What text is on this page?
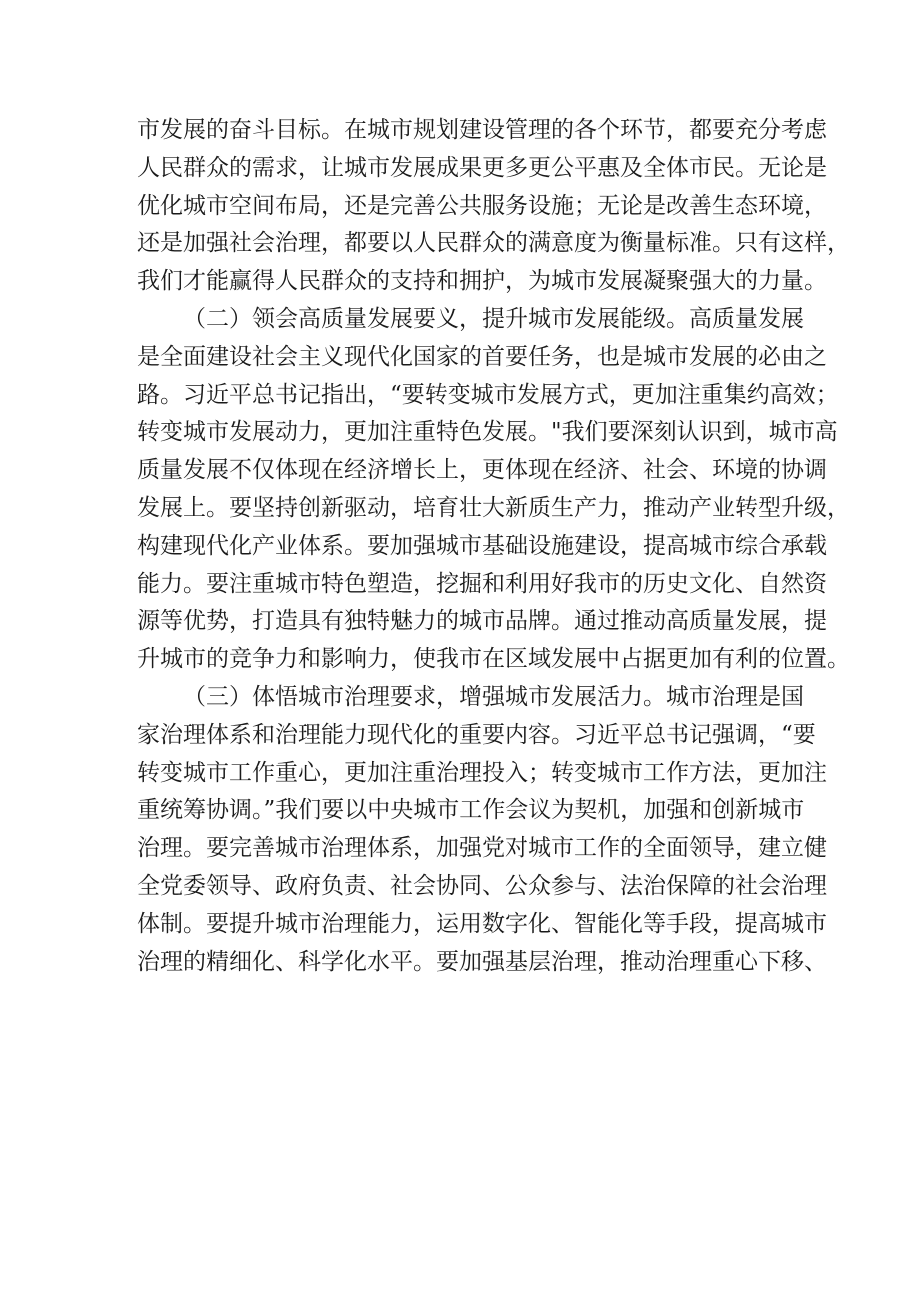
市发展的奋斗目标。在城市规划建设管理的各个环节，都要充分考虑
人民群众的需求，让城市发展成果更多更公平惠及全体市民。无论是
优化城市空间布局，还是完善公共服务设施；无论是改善生态环境，
还是加强社会治理，都要以人民群众的满意度为衡量标准。只有这样，
我们才能赢得人民群众的支持和拥护，为城市发展凝聚强大的力量。
（二）领会高质量发展要义，提升城市发展能级。高质量发展
是全面建设社会主义现代化国家的首要任务，也是城市发展的必由之
路。习近平总书记指出，“要转变城市发展方式，更加注重集约高效；
转变城市发展动力，更加注重特色发展。"我们要深刻认识到，城市高
质量发展不仅体现在经济增长上，更体现在经济、社会、环境的协调
发展上。要坚持创新驱动，培育壮大新质生产力，推动产业转型升级，
构建现代化产业体系。要加强城市基础设施建设，提高城市综合承载
能力。要注重城市特色塑造，挖掘和利用好我市的历史文化、自然资
源等优势，打造具有独特魅力的城市品牌。通过推动高质量发展，提
升城市的竞争力和影响力，使我市在区域发展中占据更加有利的位置。
（三）体悟城市治理要求，增强城市发展活力。城市治理是国
家治理体系和治理能力现代化的重要内容。习近平总书记强调，“要
转变城市工作重心，更加注重治理投入；转变城市工作方法，更加注
重统筹协调。”我们要以中央城市工作会议为契机，加强和创新城市
治理。要完善城市治理体系，加强党对城市工作的全面领导，建立健
全党委领导、政府负责、社会协同、公众参与、法治保障的社会治理
体制。要提升城市治理能力，运用数字化、智能化等手段，提高城市
治理的精细化、科学化水平。要加强基层治理，推动治理重心下移、
